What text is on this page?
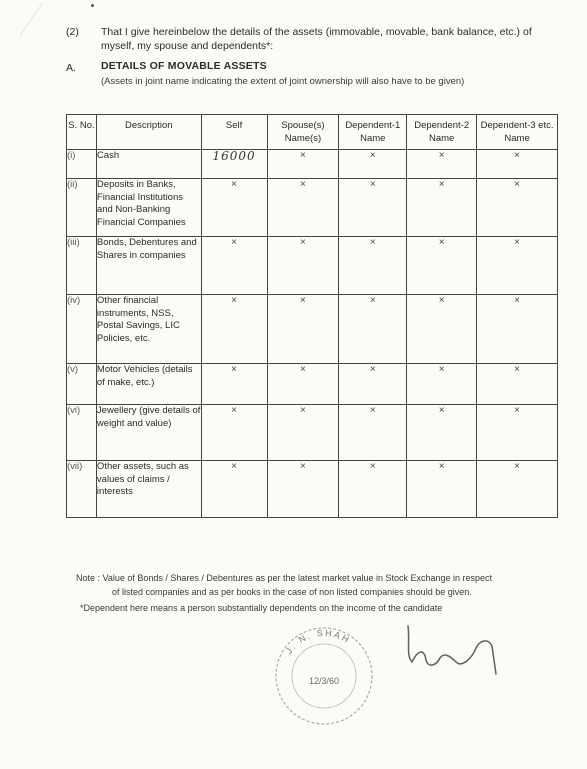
(2) That I give hereinbelow the details of the assets (immovable, movable, bank balance, etc.) of myself, my spouse and dependents*:
A. DETAILS OF MOVABLE ASSETS
(Assets in joint name indicating the extent of joint ownership will also have to be given)
S. No.	Description	Self	Spouse(s) Name(s)	Dependent-1 Name	Dependent-2 Name	Dependent-3 etc. Name
(i)	Cash	16000	×	×	×	×
(ii)	Deposits in Banks, Financial Institutions and Non-Banking Financial Companies	×	×	×	×	×
(iii)	Bonds, Debentures and Shares in companies	×	×	×	×	×
(iv)	Other financial instruments, NSS, Postal Savings, LIC Policies, etc.	×	×	×	×	×
(v)	Motor Vehicles (details of make, etc.)	×	×	×	×	×
(vi)	Jewellery (give details of weight and value)	×	×	×	×	×
(vii)	Other assets, such as values of claims / interests	×	×	×	×	×
Note : Value of Bonds / Shares / Debentures as per the latest market value in Stock Exchange in respect
of listed companies and as per books in the case of non listed companies should be given.
*Dependent here means a person substantially dependents on the income of the candidate
J. N. SHAH
12/3/60
